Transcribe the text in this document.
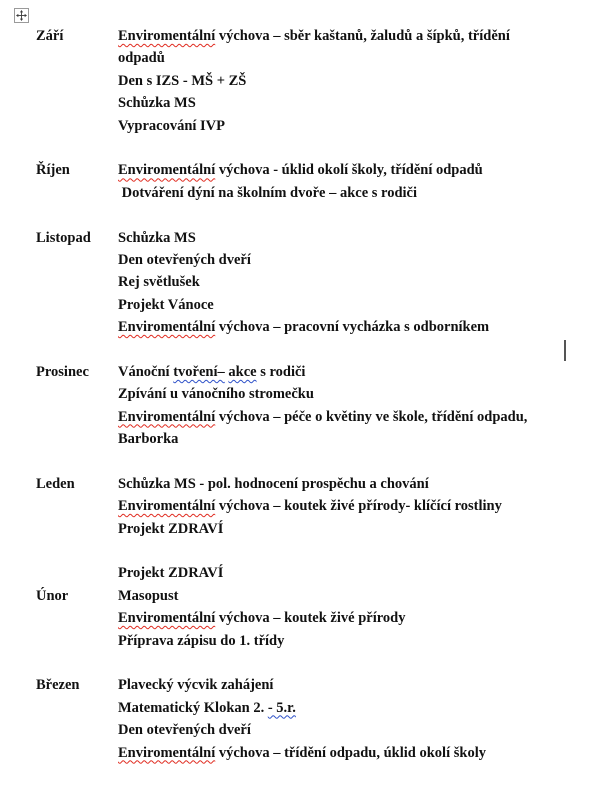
Září	Enviromentální výchova – sběr kaštanů, žaludů a šípků, třídění
odpadů
Den s IZS - MŠ + ZŠ
Schůzka MS
Vypracování IVP
Říjen	Enviromentální výchova - úklid okolí školy, třídění odpadů
Dotváření dýní na školním dvoře – akce s rodiči
Listopad Schůzka MS
Den otevřených dveří
Rej světlušek
Projekt Vánoce
Enviromentální výchova – pracovní vycházka s odborníkem
Prosinec Vánoční tvoření– akce s rodiči
Zpívání u vánočního stromečku
Enviromentální výchova – péče o květiny ve škole, třídění odpadu,
Barborka
Leden	Schůzka MS - pol. hodnocení prospěchu a chování
Enviromentální výchova – koutek živé přírody- klíčící rostliny
Projekt ZDRAVÍ
Projekt ZDRAVÍ
Únor	Masopust
Enviromentální výchova – koutek živé přírody
Příprava zápisu do 1. třídy
Březen	Plavecký výcvik zahájení
Matematický Klokan 2. - 5.r.
Den otevřených dveří
Enviromentální výchova – třídění odpadu, úklid okolí školy
